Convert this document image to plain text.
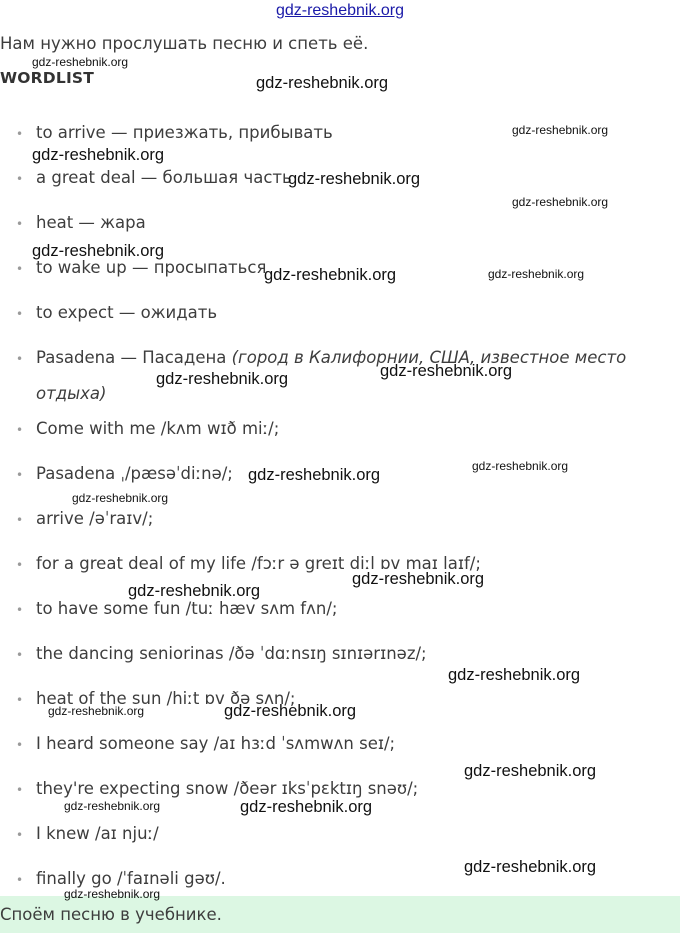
gdz-reshebnik.org
Нам нужно прослушать песню и спеть её.
WORDLIST
• to arrive — приезжать, прибывать
• a great deal — большая часть
• heat — жара
• to wake up — просыпаться
• to expect — ожидать
• Pasadena — Пасадена (город в Калифорнии, США, известное место
отдыха)
• Come with me /kʌm wɪð miː/;
• Pasadena ˌ/pæsəˈdiːnə/;
• arrive /əˈraɪv/;
• for a great deal of my life /fɔːr ə greɪt diːl ɒv maɪ laɪf/;
• to have some fun /tuː hæv sʌm fʌn/;
• the dancing seniorinas /ðə ˈdɑːnsɪŋ sɪnɪərɪnəz/;
• heat of the sun /hiːt ɒv ðə sʌn/;
• I heard someone say /aɪ hɜːd ˈsʌmwʌn seɪ/;
• they're expecting snow /ðeər ɪksˈpɛktɪŋ snəʊ/;
• I knew /aɪ njuː/
• finally go /ˈfaɪnəli gəʊ/.
Споём песню в учебнике.
gdz-reshebnik.org
gdz-reshebnik.org
gdz-reshebnik.org
gdz-reshebnik.org
gdz-reshebnik.org
gdz-reshebnik.org
gdz-reshebnik.org
gdz-reshebnik.org	gdz-reshebnik.org
gdz-reshebnik.org
gdz-reshebnik.org
gdz-reshebnik.org
gdz-reshebnik.org
gdz-reshebnik.org
gdz-reshebnik.org
gdz-reshebnik.org
gdz-reshebnik.org
gdz-reshebnik.org	gdz-reshebnik.org
gdz-reshebnik.org
gdz-reshebnik.org	gdz-reshebnik.org
gdz-reshebnik.org
gdz-reshebnik.org
